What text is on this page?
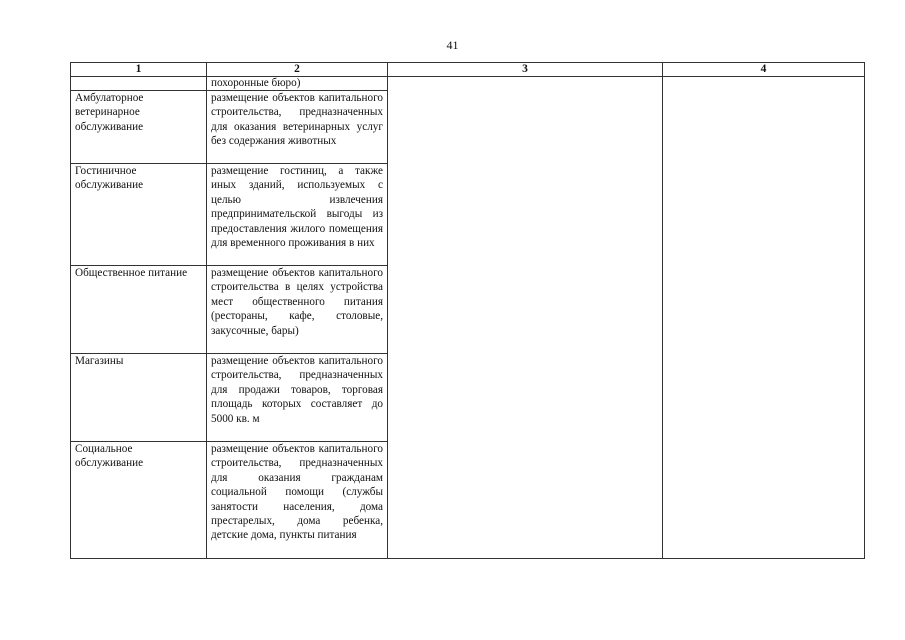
41
1	2	3	4
	похоронные бюро)		
Амбулаторное ветеринарное обслуживание	размещение объектов капитального строительства, предназначенных для оказания ветеринарных услуг без содержания животных		
Гостиничное обслуживание	размещение гостиниц, а также иных зданий, используемых с целью извлечения предпринимательской выгоды из предоставления жилого помещения для временного проживания в них		
Общественное питание	размещение объектов капитального строительства в целях устройства мест общественного питания (рестораны, кафе, столовые, закусочные, бары)		
Магазины	размещение объектов капитального строительства, предназначенных для продажи товаров, торговая площадь которых составляет до 5000 кв. м		
Социальное обслуживание	размещение объектов капитального строительства, предназначенных для оказания гражданам социальной помощи (службы занятости населения, дома престарелых, дома ребенка, детские дома, пункты питания		
